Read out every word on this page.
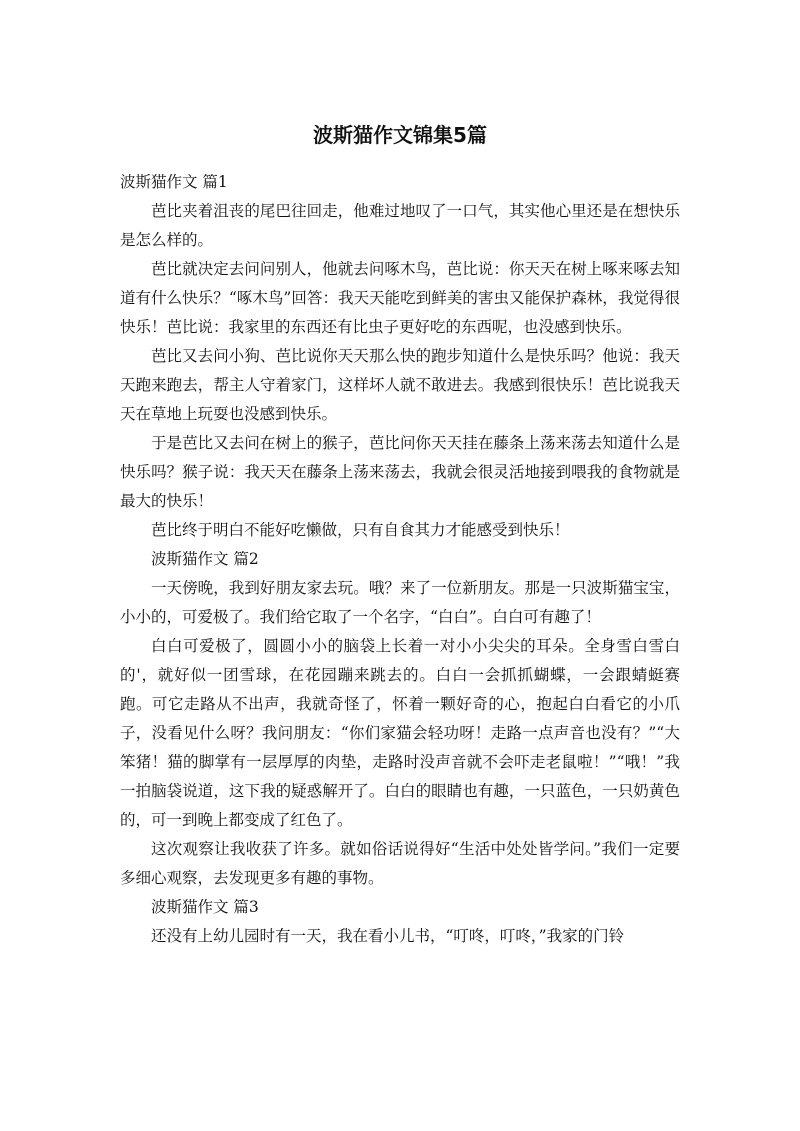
波斯猫作文锦集5篇

波斯猫作文 篇1

芭比夹着沮丧的尾巴往回走，他难过地叹了一口气，其实他心里还是在想快乐是怎么样的。

芭比就决定去问问别人，他就去问啄木鸟，芭比说：你天天在树上啄来啄去知道有什么快乐？“啄木鸟”回答：我天天能吃到鲜美的害虫又能保护森林，我觉得很快乐！芭比说：我家里的东西还有比虫子更好吃的东西呢，也没感到快乐。

芭比又去问小狗、芭比说你天天那么快的跑步知道什么是快乐吗？他说：我天天跑来跑去，帮主人守着家门，这样坏人就不敢进去。我感到很快乐！芭比说我天天在草地上玩耍也没感到快乐。

于是芭比又去问在树上的猴子，芭比问你天天挂在藤条上荡来荡去知道什么是快乐吗？猴子说：我天天在藤条上荡来荡去，我就会很灵活地接到喂我的食物就是最大的快乐！

芭比终于明白不能好吃懒做，只有自食其力才能感受到快乐！

波斯猫作文 篇2

一天傍晚，我到好朋友家去玩。哦？来了一位新朋友。那是一只波斯猫宝宝，小小的，可爱极了。我们给它取了一个名字，“白白”。白白可有趣了！

白白可爱极了，圆圆小小的脑袋上长着一对小小尖尖的耳朵。全身雪白雪白的'，就好似一团雪球，在花园蹦来跳去的。白白一会抓抓蝴蝶，一会跟蜻蜓赛跑。可它走路从不出声，我就奇怪了，怀着一颗好奇的心，抱起白白看它的小爪子，没看见什么呀？我问朋友：“你们家猫会轻功呀！走路一点声音也没有？”“大笨猪！猫的脚掌有一层厚厚的肉垫，走路时没声音就不会吓走老鼠啦！”“哦！”我一拍脑袋说道，这下我的疑惑解开了。白白的眼睛也有趣，一只蓝色，一只奶黄色的，可一到晚上都变成了红色了。

这次观察让我收获了许多。就如俗话说得好“生活中处处皆学问。”我们一定要多细心观察，去发现更多有趣的事物。

波斯猫作文 篇3

还没有上幼儿园时有一天，我在看小儿书，“叮咚，叮咚，”我家的门铃
